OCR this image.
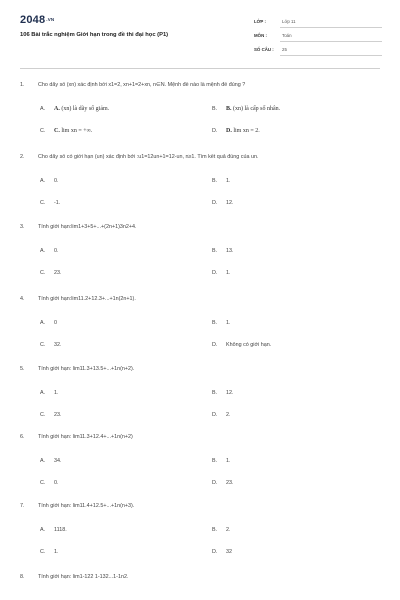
2048.VN
106 Bài trắc nghiệm Giới hạn trong đề thi đại học (P1)
LỚP :	Lớp 11
MÔN :	Toán
SỐ CÂU : 25
1.	Cho dãy số (xn) xác định bởi x1=2, xn+1=2+xn, n∈N. Mệnh đề nào là mệnh đề đúng ?
A. A. (xn) là dãy số giảm.	B. B. (xn) là cấp số nhân.
C. C. lim xn = +∞.	D. D. lim xn = 2.
2.	Cho dãy số có giới hạn (un) xác định bởi :u1=12un+1=12-un, n≥1. Tìm kết quả đúng của un.
A. 0.	B. 1.
C. -1.	D. 12.
3.	Tính giới hạn:lim1+3+5+...+(2n+1)3n2+4.
A. 0.	B. 13.
C. 23.	D. 1.
4.	Tính giới hạn:lim11.2+12.3+...+1n(2n+1).
A. 0	B. 1.
C. 32.	D. Không có giới hạn.
5.	Tính giới hạn: lim11.3+13.5+...+1n(n+2).
A. 1.	B. 12.
C. 23.	D. 2.
6.	Tính giới hạn: lim11.3+12.4+...+1n(n+2)
A. 34.	B. 1.
C. 0.	D. 23.
7.	Tính giới hạn: lim11.4+12.5+...+1n(n+3).
A. 1118.	B. 2.
C. 1.	D. 32
8.	Tính giới hạn: lim1-122 1-132...1-1n2.
